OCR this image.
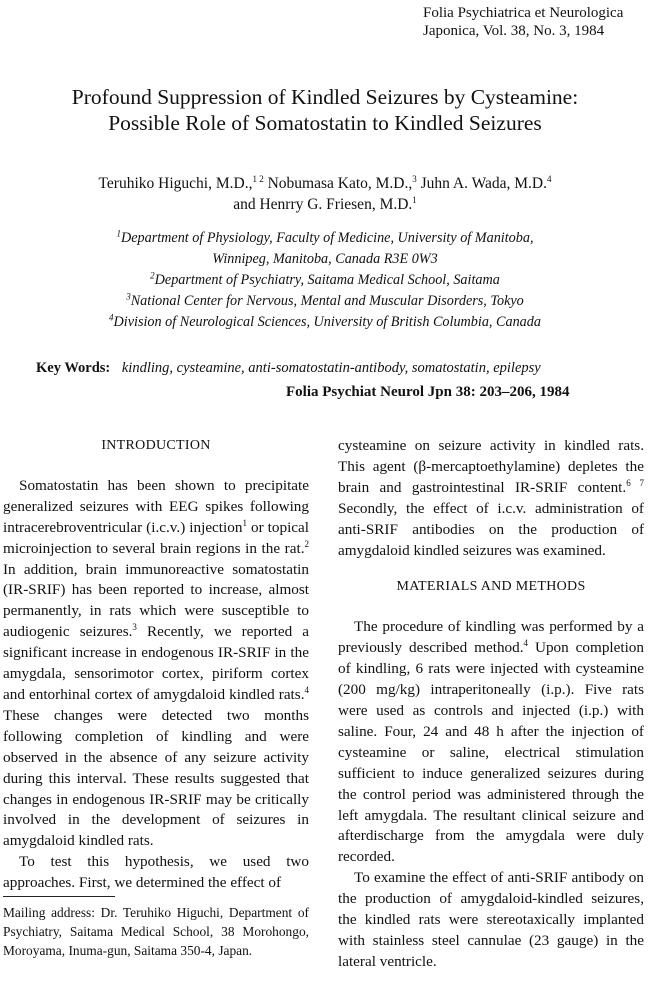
Folia Psychiatrica et Neurologica
Japonica, Vol. 38, No. 3, 1984
Profound Suppression of Kindled Seizures by Cysteamine:
Possible Role of Somatostatin to Kindled Seizures
Teruhiko Higuchi, M.D.,$^{1 2}$ Nobumasa Kato, M.D.,$^3$ Juhn A. Wada, M.D.$^4$
and Henrry G. Friesen, M.D.$^1$
$^1$Department of Physiology, Faculty of Medicine, University of Manitoba,
Winnipeg, Manitoba, Canada R3E 0W3
$^2$Department of Psychiatry, Saitama Medical School, Saitama
$^3$National Center for Nervous, Mental and Muscular Disorders, Tokyo
$^4$Division of Neurological Sciences, University of British Columbia, Canada
Key Words: kindling, cysteamine, anti-somatostatin-antibody, somatostatin, epilepsy
Folia Psychiat Neurol Jpn 38: 203–206, 1984
INTRODUCTION

Somatostatin has been shown to precipitate generalized seizures with EEG spikes following intracerebroventricular (i.c.v.) injection$^1$ or topical microinjection to several brain regions in the rat.$^2$ In addition, brain immunoreactive somatostatin (IR-SRIF) has been reported to increase, almost permanently, in rats which were susceptible to audiogenic seizures.$^3$ Recently, we reported a significant increase in endogenous IR-SRIF in the amygdala, sensorimotor cortex, piriform cortex and entorhinal cortex of amygdaloid kindled rats.$^4$ These changes were detected two months following completion of kindling and were observed in the absence of any seizure activity during this interval. These results suggested that changes in endogenous IR-SRIF may be critically involved in the development of seizures in amygdaloid kindled rats.

To test this hypothesis, we used two approaches. First, we determined the effect of

cysteamine on seizure activity in kindled rats. This agent (β-mercaptoethylamine) depletes the brain and gastrointestinal IR-SRIF content.$^{6 7}$ Secondly, the effect of i.c.v. administration of anti-SRIF antibodies on the production of amygdaloid kindled seizures was examined.

MATERIALS AND METHODS

The procedure of kindling was performed by a previously described method.$^4$ Upon completion of kindling, 6 rats were injected with cysteamine (200 mg/kg) intraperitoneally (i.p.). Five rats were used as controls and injected (i.p.) with saline. Four, 24 and 48 h after the injection of cysteamine or saline, electrical stimulation sufficient to induce generalized seizures during the control period was administered through the left amygdala. The resultant clinical seizure and afterdischarge from the amygdala were duly recorded.

To examine the effect of anti-SRIF antibody on the production of amygdaloid-kindled seizures, the kindled rats were stereotaxically implanted with stainless steel cannulae (23 gauge) in the lateral ventricle.

Mailing address: Dr. Teruhiko Higuchi, Department of Psychiatry, Saitama Medical School, 38 Morohongo, Moroyama, Inuma-gun, Saitama 350-4, Japan.
